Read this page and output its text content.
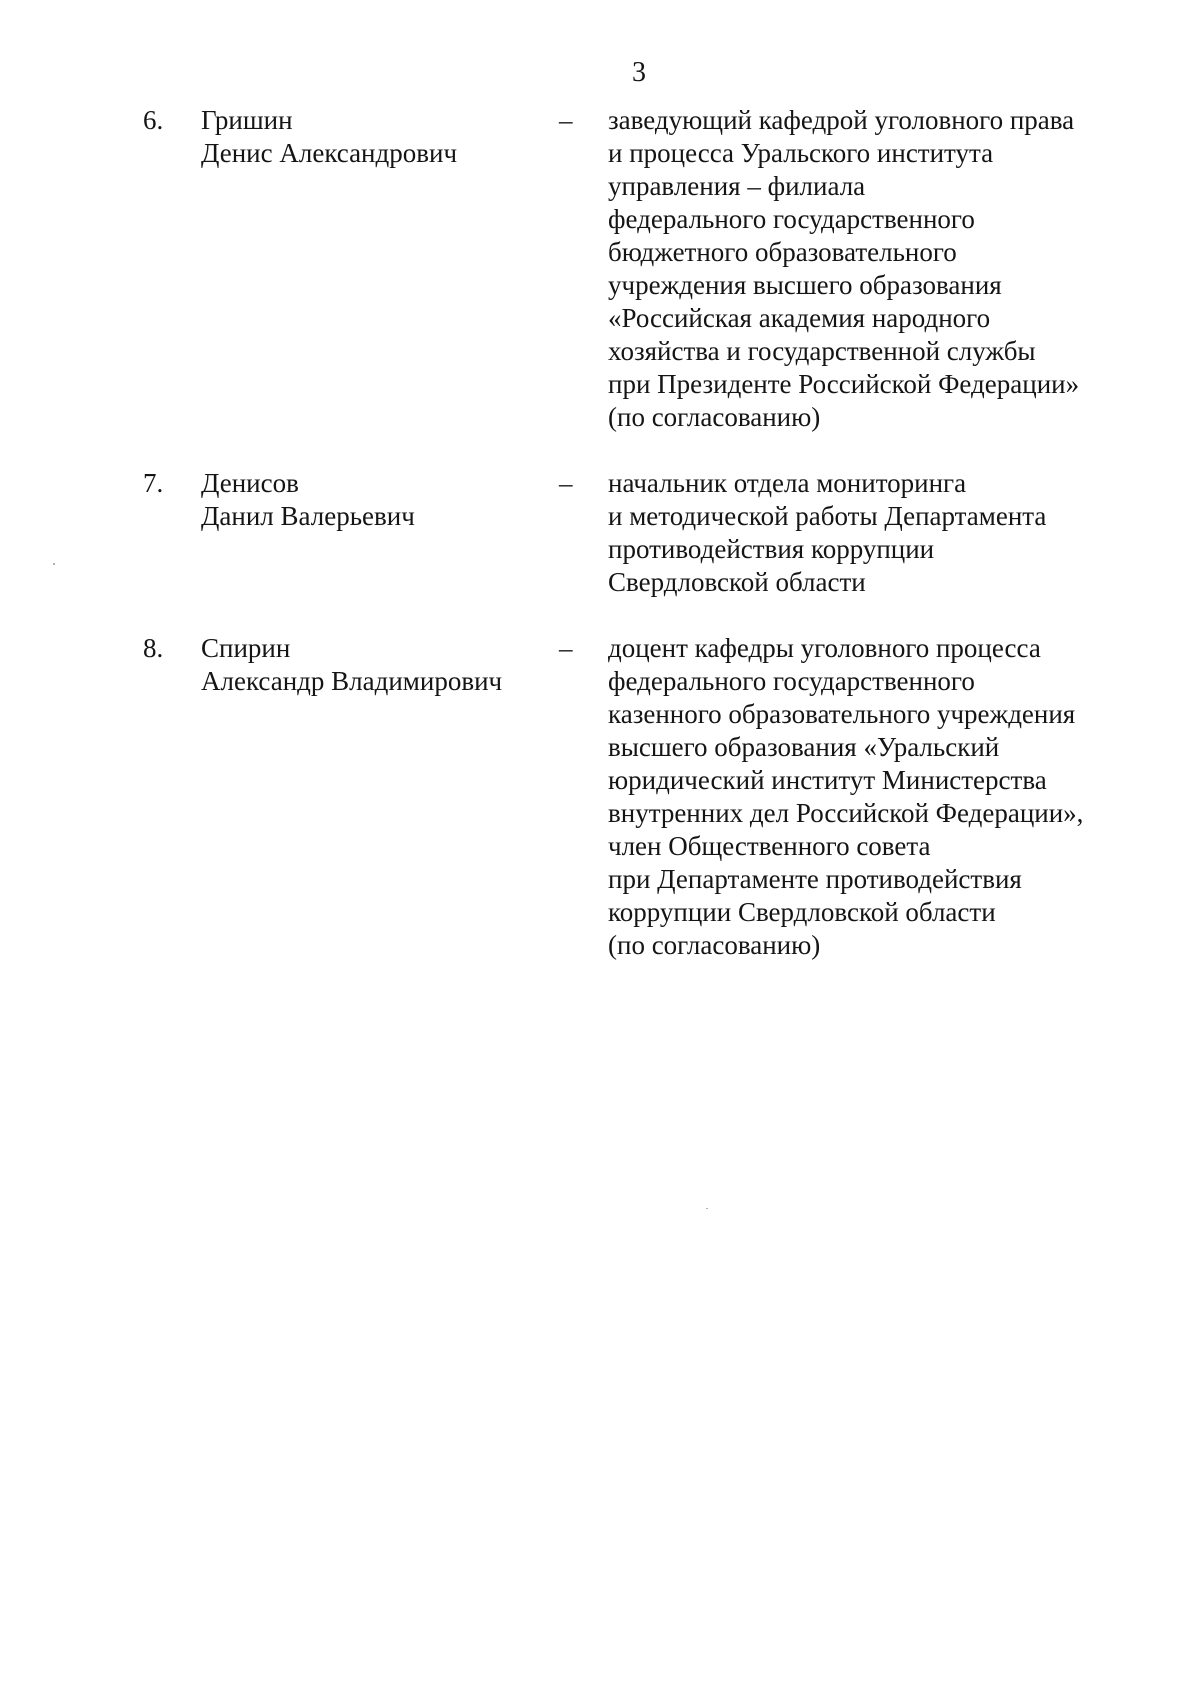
3
6. Гришин
Денис Александрович
– заведующий кафедрой уголовного права
и процесса Уральского института
управления – филиала
федерального государственного
бюджетного образовательного
учреждения высшего образования
«Российская академия народного
хозяйства и государственной службы
при Президенте Российской Федерации»
(по согласованию)
7. Денисов
Данил Валерьевич
– начальник отдела мониторинга
и методической работы Департамента
противодействия коррупции
Свердловской области
8. Спирин
Александр Владимирович
– доцент кафедры уголовного процесса
федерального государственного
казенного образовательного учреждения
высшего образования «Уральский
юридический институт Министерства
внутренних дел Российской Федерации»,
член Общественного совета
при Департаменте противодействия
коррупции Свердловской области
(по согласованию)
